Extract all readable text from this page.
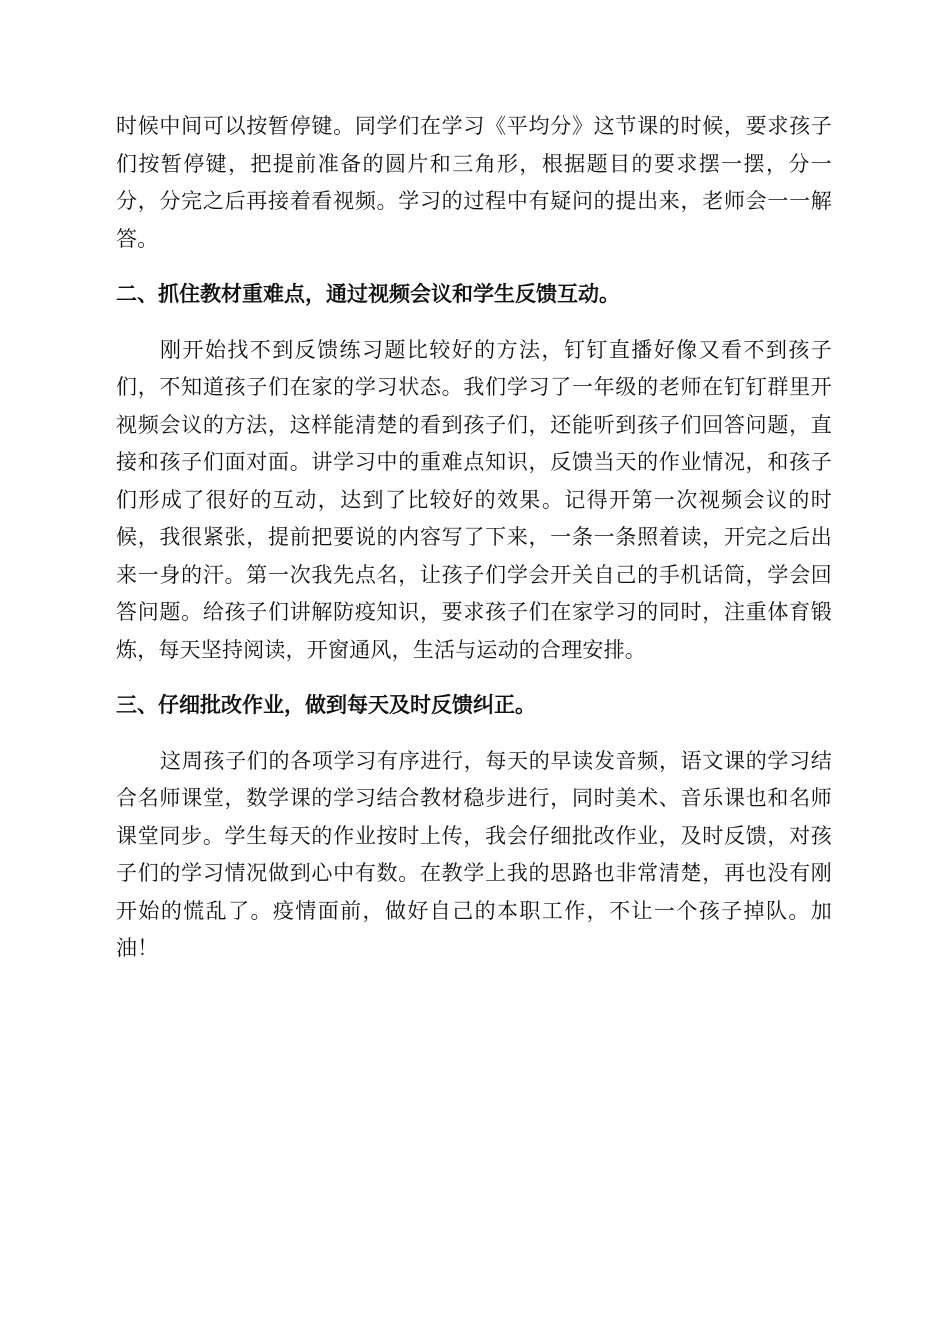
时候中间可以按暂停键。同学们在学习《平均分》这节课的时候，要求孩子们按暂停键，把提前准备的圆片和三角形，根据题目的要求摆一摆，分一分，分完之后再接着看视频。学习的过程中有疑问的提出来，老师会一一解答。

二、抓住教材重难点，通过视频会议和学生反馈互动。

刚开始找不到反馈练习题比较好的方法，钉钉直播好像又看不到孩子们，不知道孩子们在家的学习状态。我们学习了一年级的老师在钉钉群里开视频会议的方法，这样能清楚的看到孩子们，还能听到孩子们回答问题，直接和孩子们面对面。讲学习中的重难点知识，反馈当天的作业情况，和孩子们形成了很好的互动，达到了比较好的效果。记得开第一次视频会议的时候，我很紧张，提前把要说的内容写了下来，一条一条照着读，开完之后出来一身的汗。第一次我先点名，让孩子们学会开关自己的手机话筒，学会回答问题。给孩子们讲解防疫知识，要求孩子们在家学习的同时，注重体育锻炼，每天坚持阅读，开窗通风，生活与运动的合理安排。

三、仔细批改作业，做到每天及时反馈纠正。

这周孩子们的各项学习有序进行，每天的早读发音频，语文课的学习结合名师课堂，数学课的学习结合教材稳步进行，同时美术、音乐课也和名师课堂同步。学生每天的作业按时上传，我会仔细批改作业，及时反馈，对孩子们的学习情况做到心中有数。在教学上我的思路也非常清楚，再也没有刚开始的慌乱了。疫情面前，做好自己的本职工作，不让一个孩子掉队。加油！
